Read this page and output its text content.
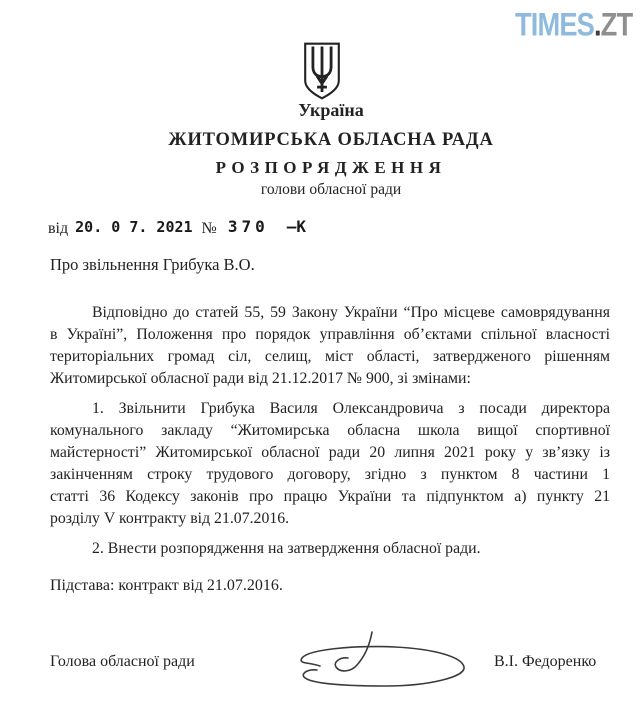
TIMES.ZT
Україна
ЖИТОМИРСЬКА ОБЛАСНА РАДА
РОЗПОРЯДЖЕННЯ
голови обласної ради
від 20. 0 7. 2021 № 370 –К
Про звільнення Грибука В.О.
Відповідно до статей 55, 59 Закону України “Про місцеве самоврядування
в Україні”, Положення про порядок управління об’єктами спільної власності
територіальних громад сіл, селищ, міст області, затвердженого рішенням
Житомирської обласної ради від 21.12.2017 № 900, зі змінами:
1. Звільнити Грибука Василя Олександровича з посади директора
комунального закладу “Житомирська обласна школа вищої спортивної
майстерності” Житомирської обласної ради 20 липня 2021 року у зв’язку із
закінченням строку трудового договору, згідно з пунктом 8 частини 1
статті 36 Кодексу законів про працю України та підпунктом а) пункту 21
розділу V контракту від 21.07.2016.
2. Внести розпорядження на затвердження обласної ради.
Підстава: контракт від 21.07.2016.
Голова обласної ради	В.І. Федоренко
